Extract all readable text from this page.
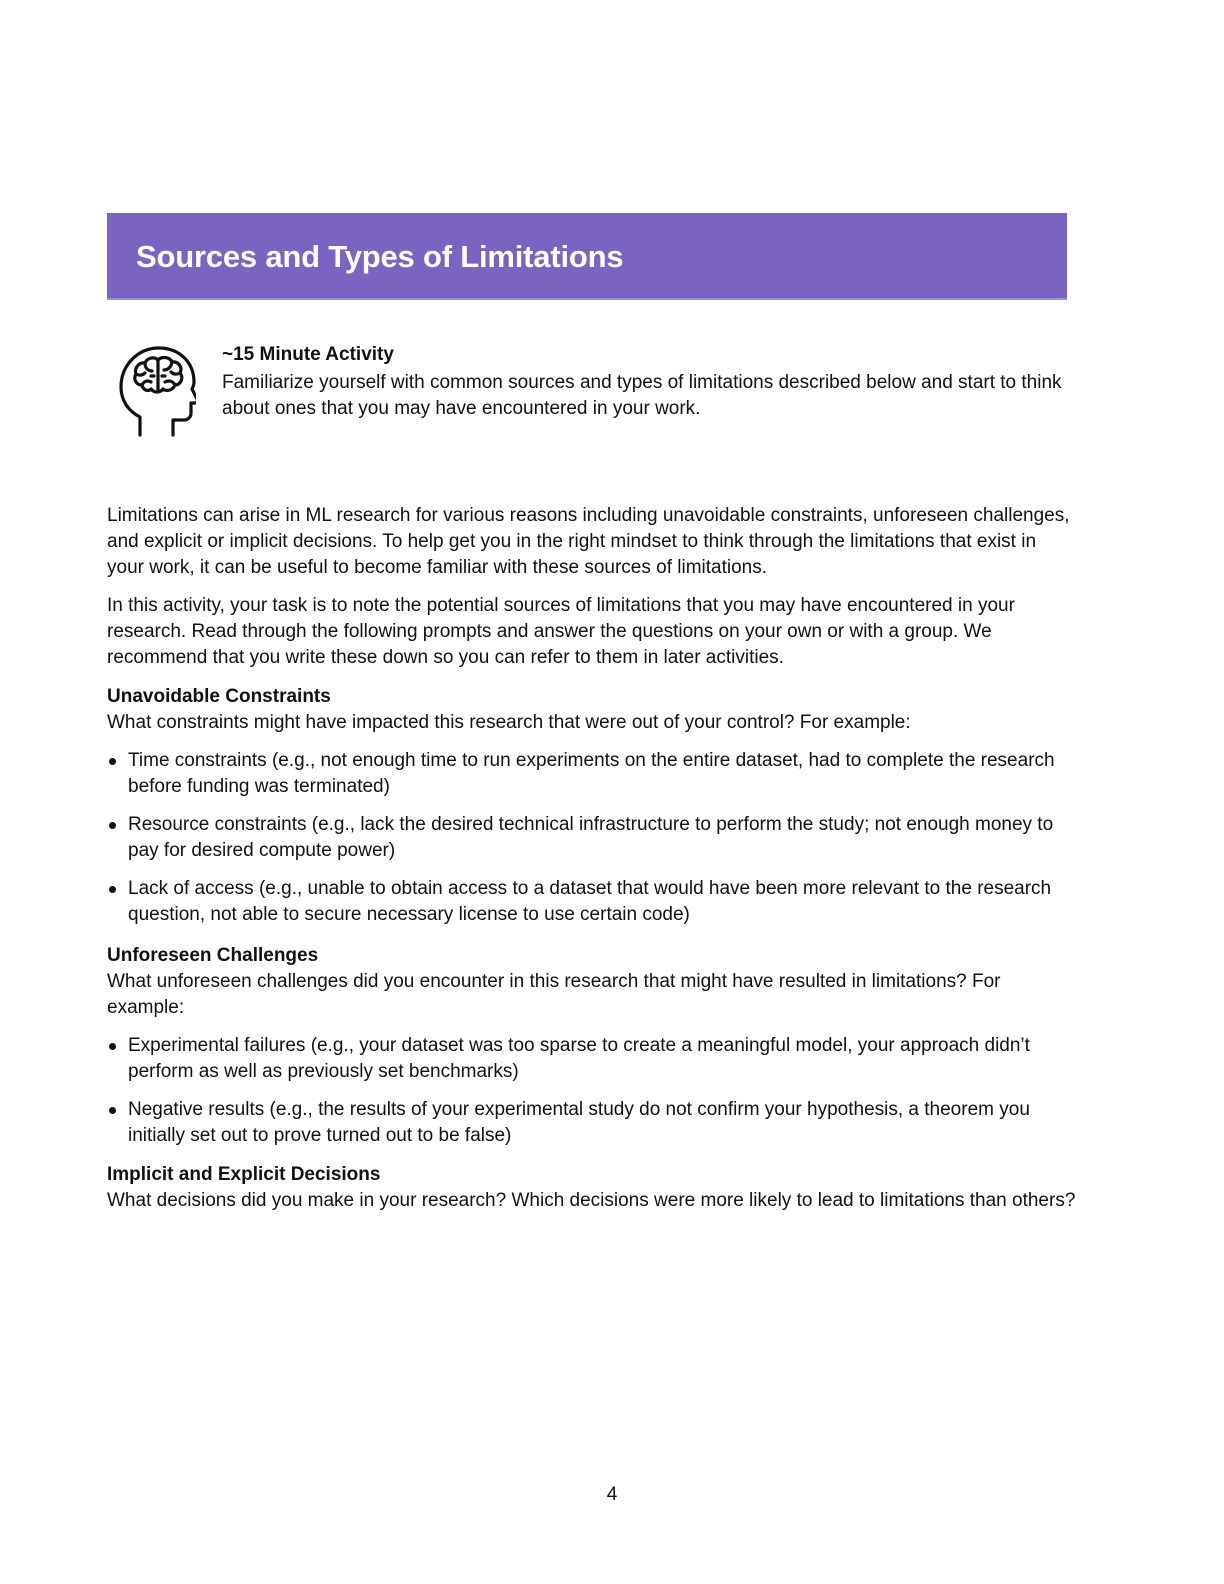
Sources and Types of Limitations
~15 Minute Activity
Familiarize yourself with common sources and types of limitations described below and start to think about ones that you may have encountered in your work.

Limitations can arise in ML research for various reasons including unavoidable constraints, unforeseen challenges, and explicit or implicit decisions. To help get you in the right mindset to think through the limitations that exist in your work, it can be useful to become familiar with these sources of limitations.

In this activity, your task is to note the potential sources of limitations that you may have encountered in your research. Read through the following prompts and answer the questions on your own or with a group. We recommend that you write these down so you can refer to them in later activities.

Unavoidable Constraints

What constraints might have impacted this research that were out of your control? For example:

Time constraints (e.g., not enough time to run experiments on the entire dataset, had to complete the research before funding was terminated)
Resource constraints (e.g., lack the desired technical infrastructure to perform the study; not enough money to pay for desired compute power)
Lack of access (e.g., unable to obtain access to a dataset that would have been more relevant to the research question, not able to secure necessary license to use certain code)

Unforeseen Challenges

What unforeseen challenges did you encounter in this research that might have resulted in limitations? For example:

Experimental failures (e.g., your dataset was too sparse to create a meaningful model, your approach didn’t perform as well as previously set benchmarks)
Negative results (e.g., the results of your experimental study do not confirm your hypothesis, a theorem you initially set out to prove turned out to be false)

Implicit and Explicit Decisions

What decisions did you make in your research? Which decisions were more likely to lead to limitations than others?

4
